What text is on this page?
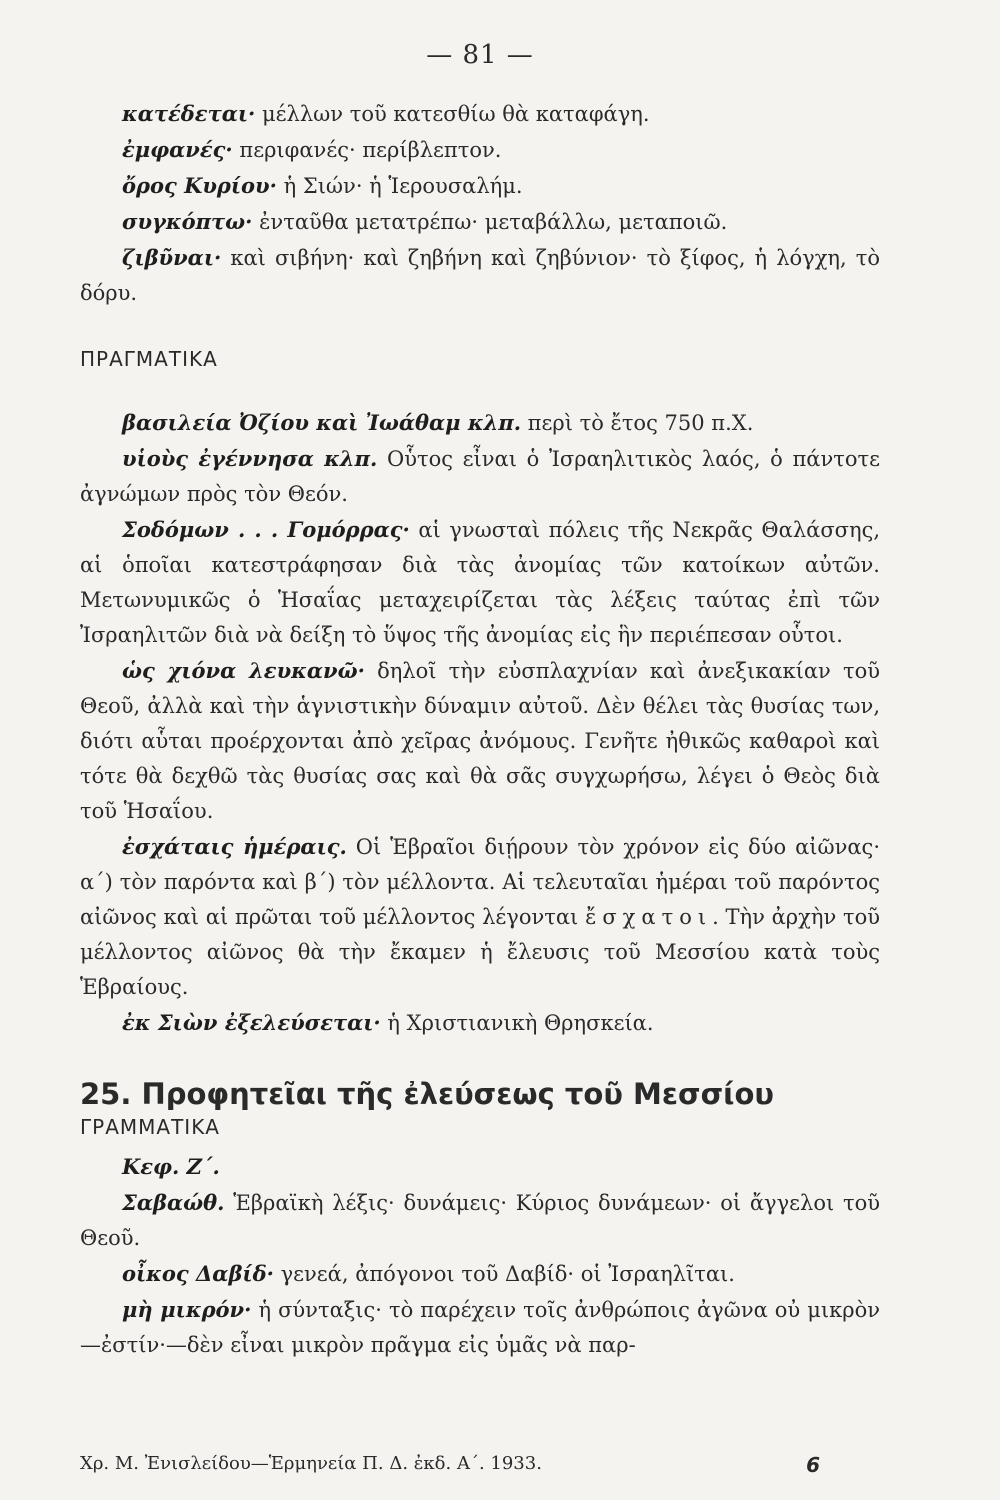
— 81 —

κατέδεται· μέλλων τοῦ κατεσθίω θὰ καταφάγη.

ἐμφανές· περιφανές· περίβλεπτον.

ὄρος Κυρίου· ἡ Σιών· ἡ Ἱερουσαλήμ.

συγκόπτω· ἐνταῦθα μετατρέπω· μεταβάλλω, μεταποιῶ.

ζιβῦναι· καὶ σιβήνη· καὶ ζηβήνη καὶ ζηβύνιον· τὸ ξίφος, ἡ λόγχη, τὸ δόρυ.

ΠΡΑΓΜΑΤΙΚΑ

βασιλεία Ὀζίου καὶ Ἰωάθαμ κλπ. περὶ τὸ ἔτος 750 π.Χ.

υἱοὺς ἐγέννησα κλπ. Οὗτος εἶναι ὁ Ἰσραηλιτικὸς λαός, ὁ πάντοτε ἀγνώμων πρὸς τὸν Θεόν.

Σοδόμων . . . Γομόρρας· αἱ γνωσταὶ πόλεις τῆς Νεκρᾶς Θαλάσσης, αἱ ὁποῖαι κατεστράφησαν διὰ τὰς ἀνομίας τῶν κατοίκων αὐτῶν. Μετωνυμικῶς ὁ Ἡσαΐας μεταχειρίζεται τὰς λέξεις ταύτας ἐπὶ τῶν Ἰσραηλιτῶν διὰ νὰ δείξη τὸ ὕψος τῆς ἀνομίας εἰς ἣν περιέπεσαν οὗτοι.

ὡς χιόνα λευκανῶ· δηλοῖ τὴν εὐσπλαχνίαν καὶ ἀνεξικακίαν τοῦ Θεοῦ, ἀλλὰ καὶ τὴν ἁγνιστικὴν δύναμιν αὐτοῦ. Δὲν θέλει τὰς θυσίας των, διότι αὗται προέρχονται ἀπὸ χεῖρας ἀνόμους. Γενῆτε ἠθικῶς καθαροὶ καὶ τότε θὰ δεχθῶ τὰς θυσίας σας καὶ θὰ σᾶς συγχωρήσω, λέγει ὁ Θεὸς διὰ τοῦ Ἡσαΐου.

ἐσχάταις ἡμέραις. Οἱ Ἑβραῖοι διῄρουν τὸν χρόνον εἰς δύο αἰῶνας· α΄) τὸν παρόντα καὶ β΄) τὸν μέλλοντα. Αἱ τελευταῖαι ἡμέραι τοῦ παρόντος αἰῶνος καὶ αἱ πρῶται τοῦ μέλλοντος λέγονται ἔσχατοι. Τὴν ἀρχὴν τοῦ μέλλοντος αἰῶνος θὰ τὴν ἔκαμεν ἡ ἔλευσις τοῦ Μεσσίου κατὰ τοὺς Ἑβραίους.

ἐκ Σιὼν ἐξελεύσεται· ἡ Χριστιανικὴ Θρησκεία.

25. Προφητεῖαι τῆς ἐλεύσεως τοῦ Μεσσίου
ΓΡΑΜΜΑΤΙΚΑ

Κεφ. Ζ΄.

Σαβαώθ. Ἑβραϊκὴ λέξις· δυνάμεις· Κύριος δυνάμεων· οἱ ἄγγελοι τοῦ Θεοῦ.

οἶκος Δαβίδ· γενεά, ἀπόγονοι τοῦ Δαβίδ· οἱ Ἰσραηλῖται.

μὴ μικρόν· ἡ σύνταξις· τὸ παρέχειν τοῖς ἀνθρώποις ἀγῶνα οὐ μικρὸν—ἐστίν·—δὲν εἶναι μικρὸν πρᾶγμα εἰς ὑμᾶς νὰ παρ-

Χρ. Μ. Ἐνισλείδου—Ἑρμηνεία Π. Δ. ἐκδ. Α΄. 1933.	6
